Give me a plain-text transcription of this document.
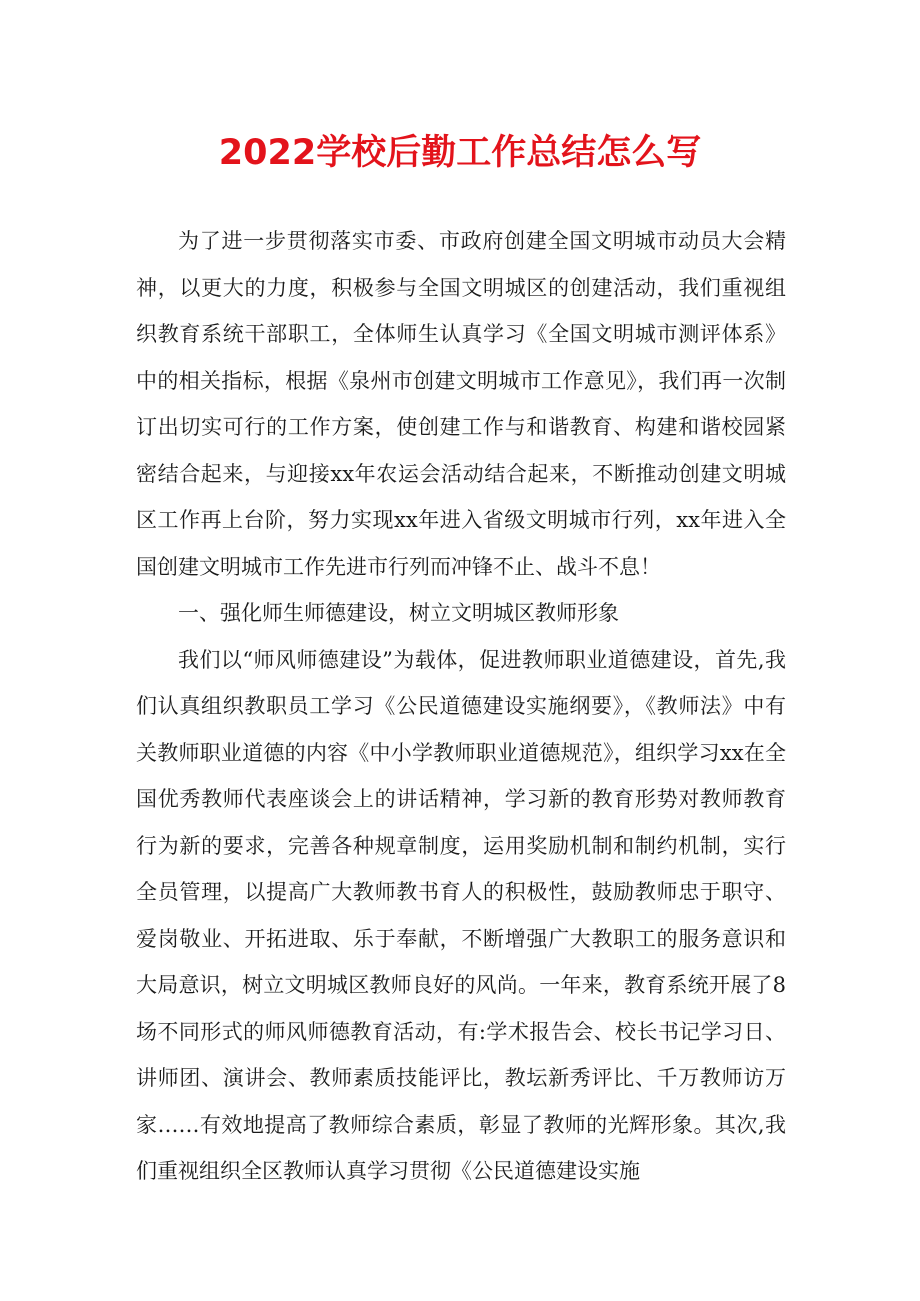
2022学校后勤工作总结怎么写

为了进一步贯彻落实市委、市政府创建全国文明城市动员大会精神，以更大的力度，积极参与全国文明城区的创建活动，我们重视组织教育系统干部职工，全体师生认真学习《全国文明城市测评体系》中的相关指标，根据《泉州市创建文明城市工作意见》，我们再一次制订出切实可行的工作方案，使创建工作与和谐教育、构建和谐校园紧密结合起来，与迎接xx年农运会活动结合起来，不断推动创建文明城区工作再上台阶，努力实现xx年进入省级文明城市行列，xx年进入全国创建文明城市工作先进市行列而冲锋不止、战斗不息！

一、强化师生师德建设，树立文明城区教师形象

我们以“师风师德建设”为载体，促进教师职业道德建设，首先,我们认真组织教职员工学习《公民道德建设实施纲要》，《教师法》中有关教师职业道德的内容《中小学教师职业道德规范》，组织学习xx在全国优秀教师代表座谈会上的讲话精神，学习新的教育形势对教师教育行为新的要求，完善各种规章制度，运用奖励机制和制约机制，实行全员管理，以提高广大教师教书育人的积极性，鼓励教师忠于职守、爱岗敬业、开拓进取、乐于奉献，不断增强广大教职工的服务意识和大局意识，树立文明城区教师良好的风尚。一年来，教育系统开展了8场不同形式的师风师德教育活动，有:学术报告会、校长书记学习日、讲师团、演讲会、教师素质技能评比，教坛新秀评比、千万教师访万家……有效地提高了教师综合素质，彰显了教师的光辉形象。其次,我们重视组织全区教师认真学习贯彻《公民道德建设实施
